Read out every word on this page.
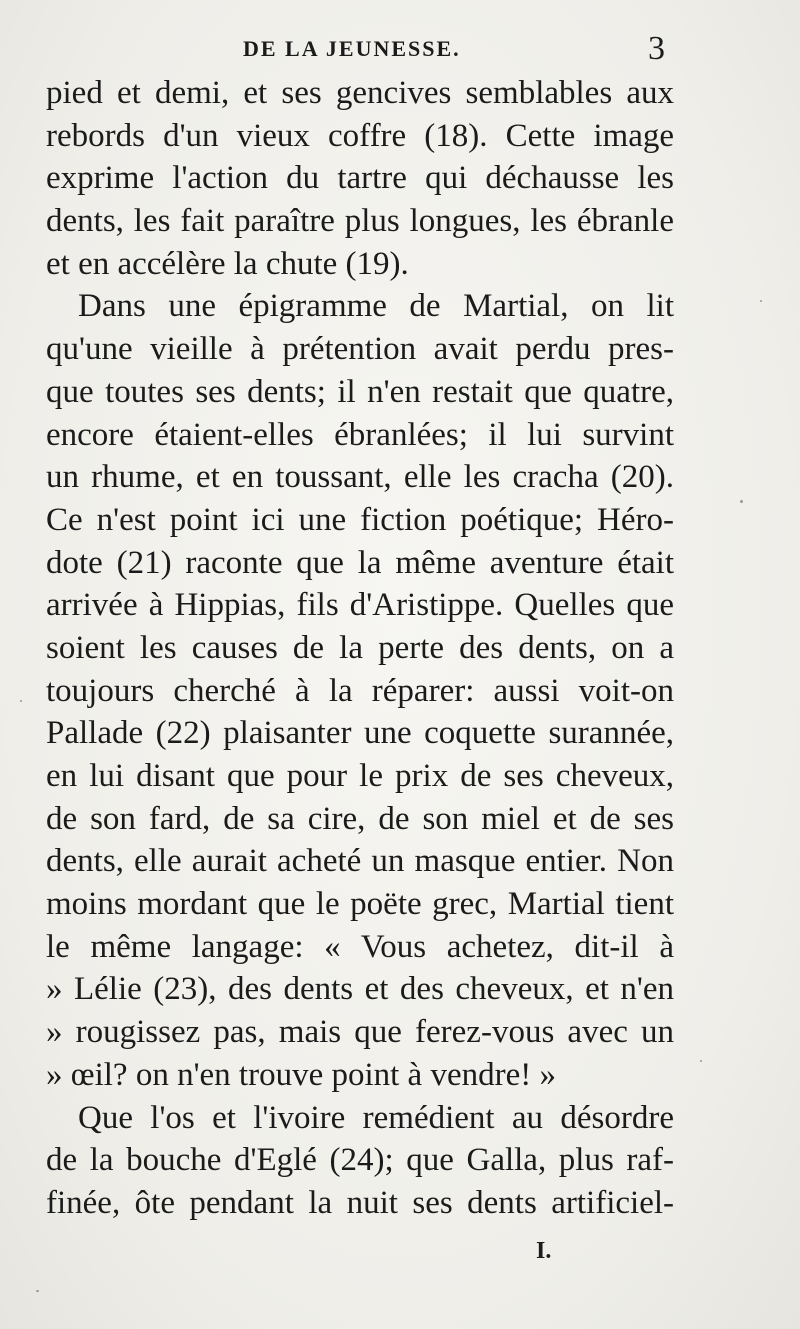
DE LA JEUNESSE.	3
pied et demi, et ses gencives semblables aux
rebords d'un vieux coffre (18). Cette image
exprime l'action du tartre qui déchausse les
dents, les fait paraître plus longues, les ébranle
et en accélère la chute (19).
Dans une épigramme de Martial, on lit
qu'une vieille à prétention avait perdu pres-
que toutes ses dents; il n'en restait que quatre,
encore étaient-elles ébranlées; il lui survint
un rhume, et en toussant, elle les cracha (20).
Ce n'est point ici une fiction poétique; Héro-
dote (21) raconte que la même aventure était
arrivée à Hippias, fils d'Aristippe. Quelles que
soient les causes de la perte des dents, on a
toujours cherché à la réparer: aussi voit-on
Pallade (22) plaisanter une coquette surannée,
en lui disant que pour le prix de ses cheveux,
de son fard, de sa cire, de son miel et de ses
dents, elle aurait acheté un masque entier. Non
moins mordant que le poëte grec, Martial tient
le même langage: « Vous achetez, dit-il à
» Lélie (23), des dents et des cheveux, et n'en
» rougissez pas, mais que ferez-vous avec un
» œil? on n'en trouve point à vendre! »
Que l'os et l'ivoire remédient au désordre
de la bouche d'Eglé (24); que Galla, plus raf-
finée, ôte pendant la nuit ses dents artificiel-
I.
